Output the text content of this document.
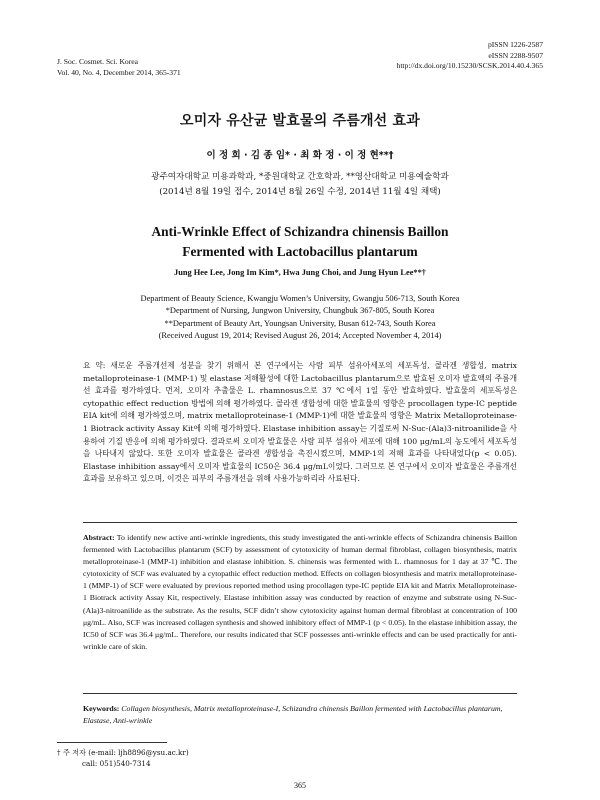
J. Soc. Cosmet. Sci. Korea
Vol. 40, No. 4, December 2014, 365-371
pISSN 1226-2587
eISSN 2288-9507
http://dx.doi.org/10.15230/SCSK.2014.40.4.365
오미자 유산균 발효물의 주름개선 효과
이 정 희 · 김 종 임* · 최 화 정 · 이 정 현**†
광주여자대학교 미용과학과, *중원대학교 간호학과, **영산대학교 미용예술학과
(2014년 8월 19일 접수, 2014년 8월 26일 수정, 2014년 11월 4일 채택)
Anti-Wrinkle Effect of Schizandra chinensis Baillon
Fermented with Lactobacillus plantarum
Jung Hee Lee, Jong Im Kim*, Hwa Jung Choi, and Jung Hyun Lee**†
Department of Beauty Science, Kwangju Women’s University, Gwangju 506-713, South Korea
*Department of Nursing, Jungwon University, Chungbuk 367-805, South Korea
**Department of Beauty Art, Youngsan University, Busan 612-743, South Korea
(Received August 19, 2014; Revised August 26, 2014; Accepted November 4, 2014)
요 약: 새로운 주름개선제 성분을 찾기 위해서 본 연구에서는 사람 피부 섬유아세포의 세포독성, 콜라겐 생합성, matrix metalloproteinase-1 (MMP-1) 및 elastase 저해활성에 대한 Lactobacillus plantarum으로 발효된 오미자 발효액의 주름개선 효과를 평가하였다. 먼저, 오미자 추출물은 L. rhamnosus으로 37 ℃에서 1일 동안 발효하였다. 발효물의 세포독성은 cytopathic effect reduction 방법에 의해 평가하였다. 콜라겐 생합성에 대한 발효물의 영향은 procollagen type-IC peptide EIA kit에 의해 평가하였으며, matrix metalloproteinase-1 (MMP-1)에 대한 발효물의 영향은 Matrix Metalloproteinase-1 Biotrack activity Assay Kit에 의해 평가하였다. Elastase inhibition assay는 기질로써 N-Suc-(Ala)3-nitroanilide을 사용하여 기질 반응에 의해 평가하였다. 결과로써 오미자 발효물은 사람 피부 섬유아 세포에 대해 100 μg/mL의 농도에서 세포독성을 나타내지 않았다. 또한 오미자 발효물은 콜라겐 생합성을 촉진시켰으며, MMP-1의 저해 효과를 나타내었다(p < 0.05). Elastase inhibition assay에서 오미자 발효물의 IC50은 36.4 μg/mL이었다. 그러므로 본 연구에서 오미자 발효물은 주름개선 효과를 보유하고 있으며, 이것은 피부의 주름개선을 위해 사용가능하리라 사료된다.
Abstract: To identify new active anti-wrinkle ingredients, this study investigated the anti-wrinkle effects of Schizandra chinensis Baillon fermented with Lactobacillus plantarum (SCF) by assessment of cytotoxicity of human dermal fibroblast, collagen biosynthesis, matrix metalloproteinase-1 (MMP-1) inhibition and elastase inhibition. S. chinensis was fermented with L. rhamnosus for 1 day at 37 ℃. The cytotoxicity of SCF was evaluated by a cytopathic effect reduction method. Effects on collagen biosynthesis and matrix metalloproteinase-1 (MMP-1) of SCF were evaluated by previous reported method using procollagen type-IC peptide EIA kit and Matrix Metalloproteinase-1 Biotrack activity Assay Kit, respectively. Elastase inhibition assay was conducted by reaction of enzyme and substrate using N-Suc-(Ala)3-nitroanilide as the substrate. As the results, SCF didn’t show cytotoxicity against human dermal fibroblast at concentration of 100 μg/mL. Also, SCF was increased collagen synthesis and showed inhibitory effect of MMP-1 (p < 0.05). In the elastase inhibition assay, the IC50 of SCF was 36.4 μg/mL. Therefore, our results indicated that SCF possesses anti-wrinkle effects and can be used practically for anti-wrinkle care of skin.
Keywords: Collagen biosynthesis, Matrix metalloproteinase-I, Schizandra chinensis Baillon fermented with Lactobacillus plantarum, Elastase, Anti-wrinkle
† 주 저자 (e-mail: ljh8896@ysu.ac.kr)
call: 051)540-7314
365
